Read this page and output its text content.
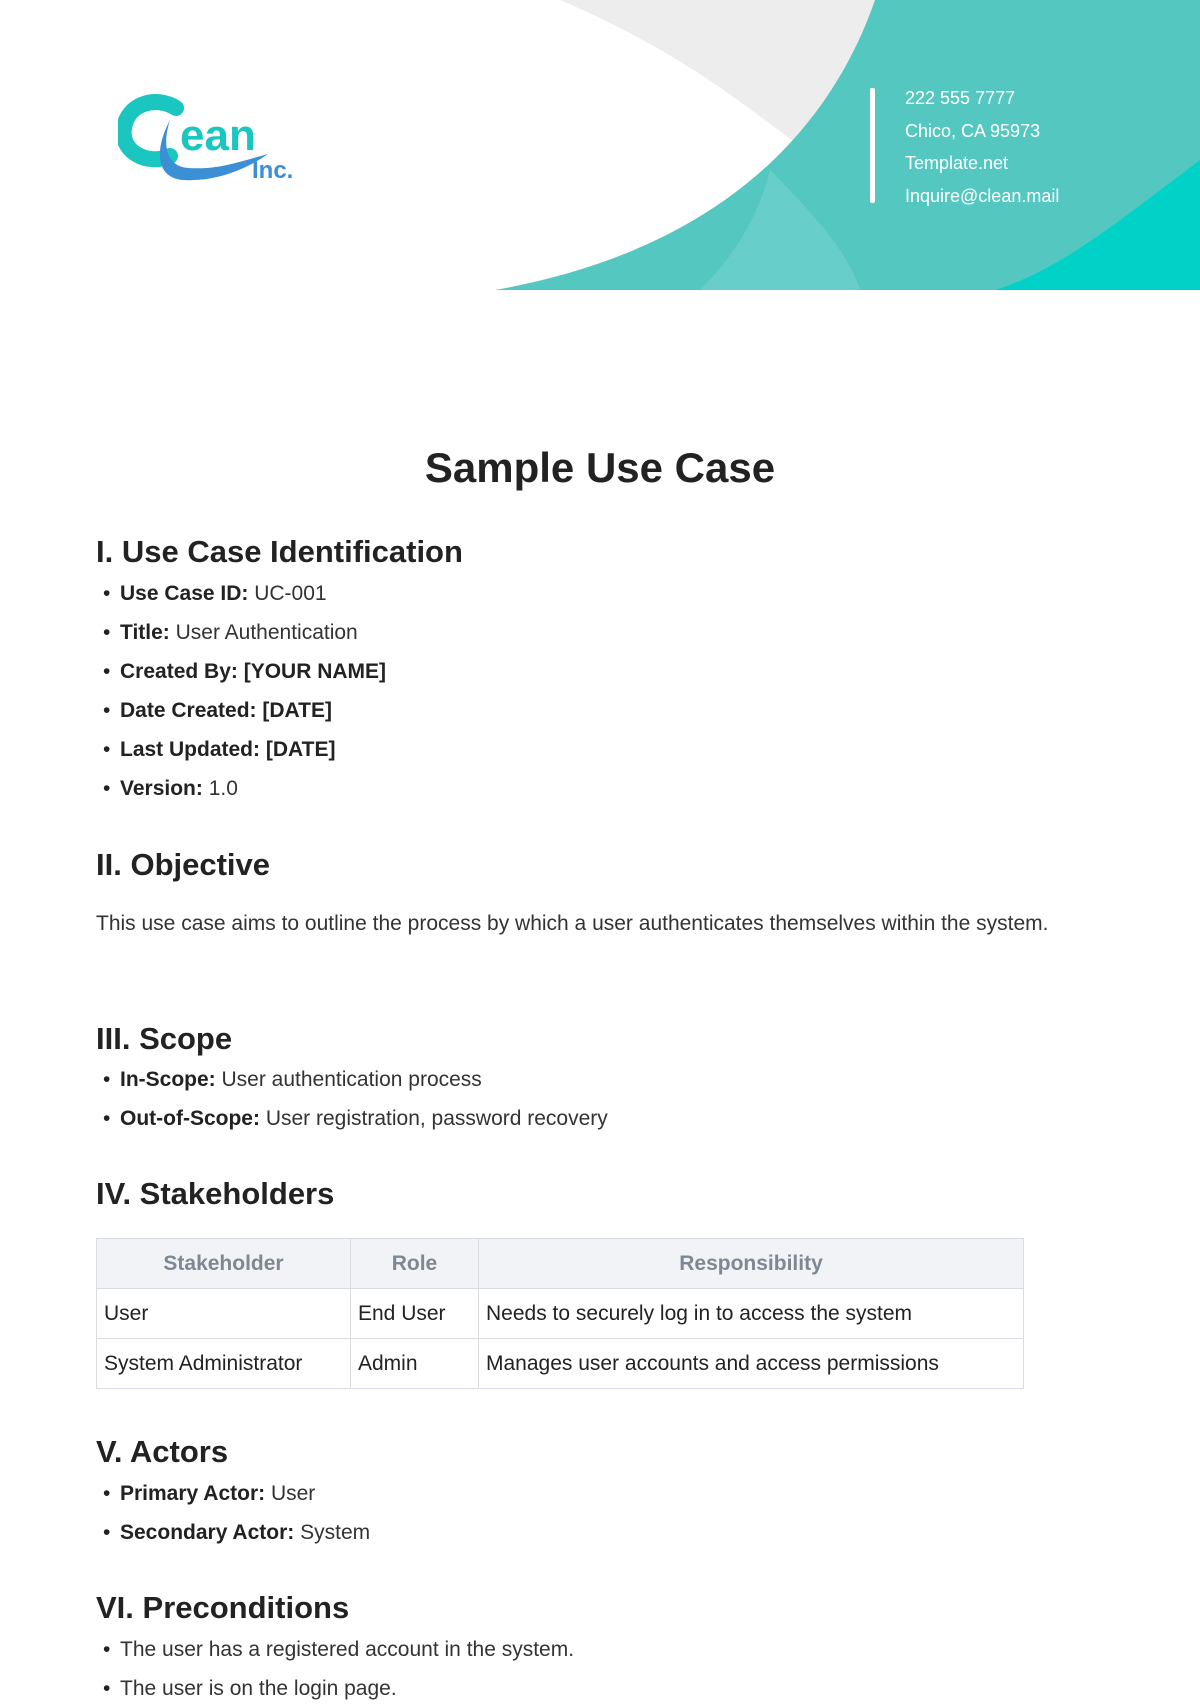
ean
Inc.
222 555 7777
Chico, CA 95973
Template.net
Inquire@clean.mail
Sample Use Case
I. Use Case Identification
• Use Case ID: UC-001
• Title: User Authentication
• Created By: [YOUR NAME]
• Date Created: [DATE]
• Last Updated: [DATE]
• Version: 1.0
II. Objective

This use case aims to outline the process by which a user authenticates themselves within the system.

III. Scope
• In-Scope: User authentication process
• Out-of-Scope: User registration, password recovery
IV. Stakeholders
Stakeholder	Role	Responsibility
User	End User	Needs to securely log in to access the system
System Administrator	Admin	Manages user accounts and access permissions
V. Actors
• Primary Actor: User
• Secondary Actor: System
VI. Preconditions
• The user has a registered account in the system.
• The user is on the login page.
